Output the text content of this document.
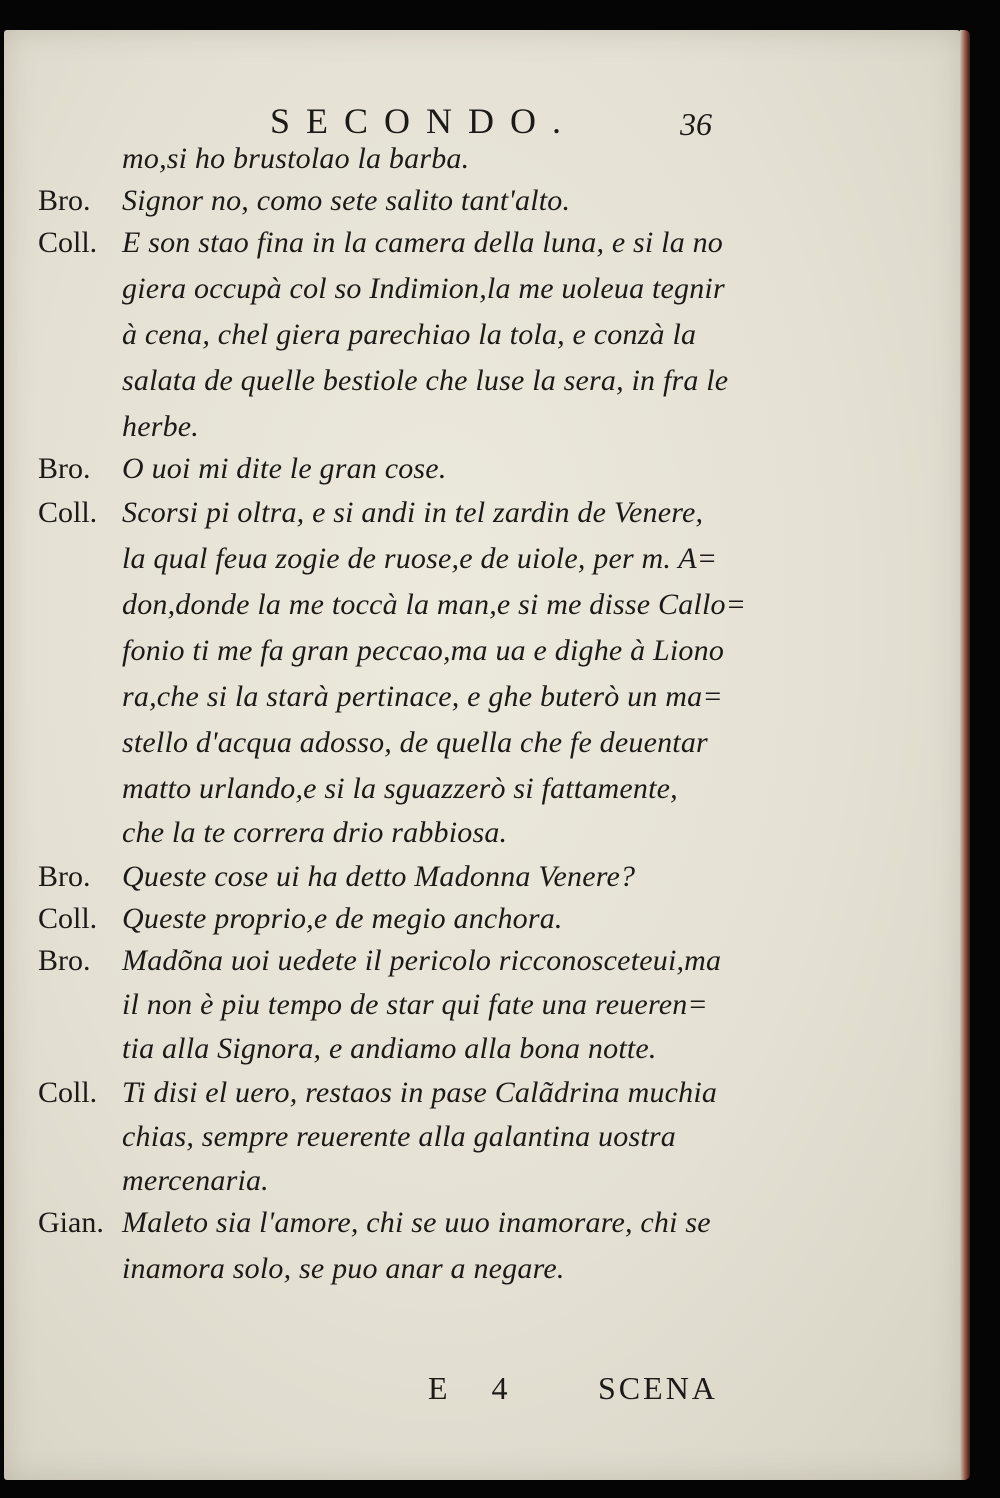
SECONDO.	36
mo,si ho brustolao la barba.
Bro. Signor no, como sete salito tant'alto.
Coll. E son stao fina in la camera della luna, e si la no
giera occupà col so Indimion,la me uoleua tegnir
à cena, chel giera parechiao la tola, e conzà la
salata de quelle bestiole che luse la sera, in fra le
herbe.
Bro. O uoi mi dite le gran cose.
Coll. Scorsi pi oltra, e si andi in tel zardin de Venere,
la qual feua zogie de ruose,e de uiole, per m. A=
don,donde la me toccà la man,e si me disse Callo=
fonio ti me fa gran peccao,ma ua e dighe à Liono
ra,che si la starà pertinace, e ghe buterò un ma=
stello d'acqua adosso, de quella che fe deuentar
matto urlando,e si la sguazzerò si fattamente,
che la te correra drio rabbiosa.
Bro. Queste cose ui ha detto Madonna Venere?
Coll. Queste proprio,e de megio anchora.
Bro. Madõna uoi uedete il pericolo ricconosceteui,ma
il non è piu tempo de star qui fate una reueren=
tia alla Signora, e andiamo alla bona notte.
Coll. Ti disi el uero, restaos in pase Calãdrina muchia
chias, sempre reuerente alla galantina uostra
mercenaria.
Gian. Maleto sia l'amore, chi se uuo inamorare, chi se
inamora solo, se puo anar a negare.
E 4 SCENA
